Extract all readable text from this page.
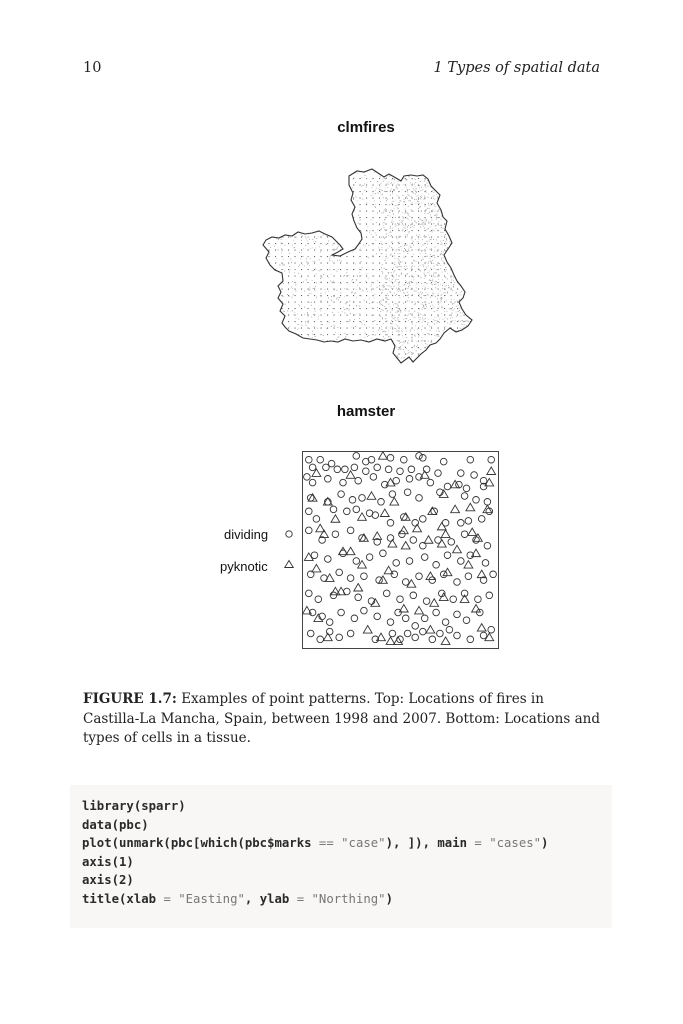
10	1 Types of spatial data
clmfires
hamster
dividing
pyknotic
FIGURE 1.7: Examples of point patterns. Top: Locations of fires in Castilla-La Mancha, Spain, between 1998 and 2007. Bottom: Locations and types of cells in a tissue.
library(sparr)
data(pbc)
plot(unmark(pbc[which(pbc$marks == "case"), ]), main = "cases")
axis(1)
axis(2)
title(xlab = "Easting", ylab = "Northing")
